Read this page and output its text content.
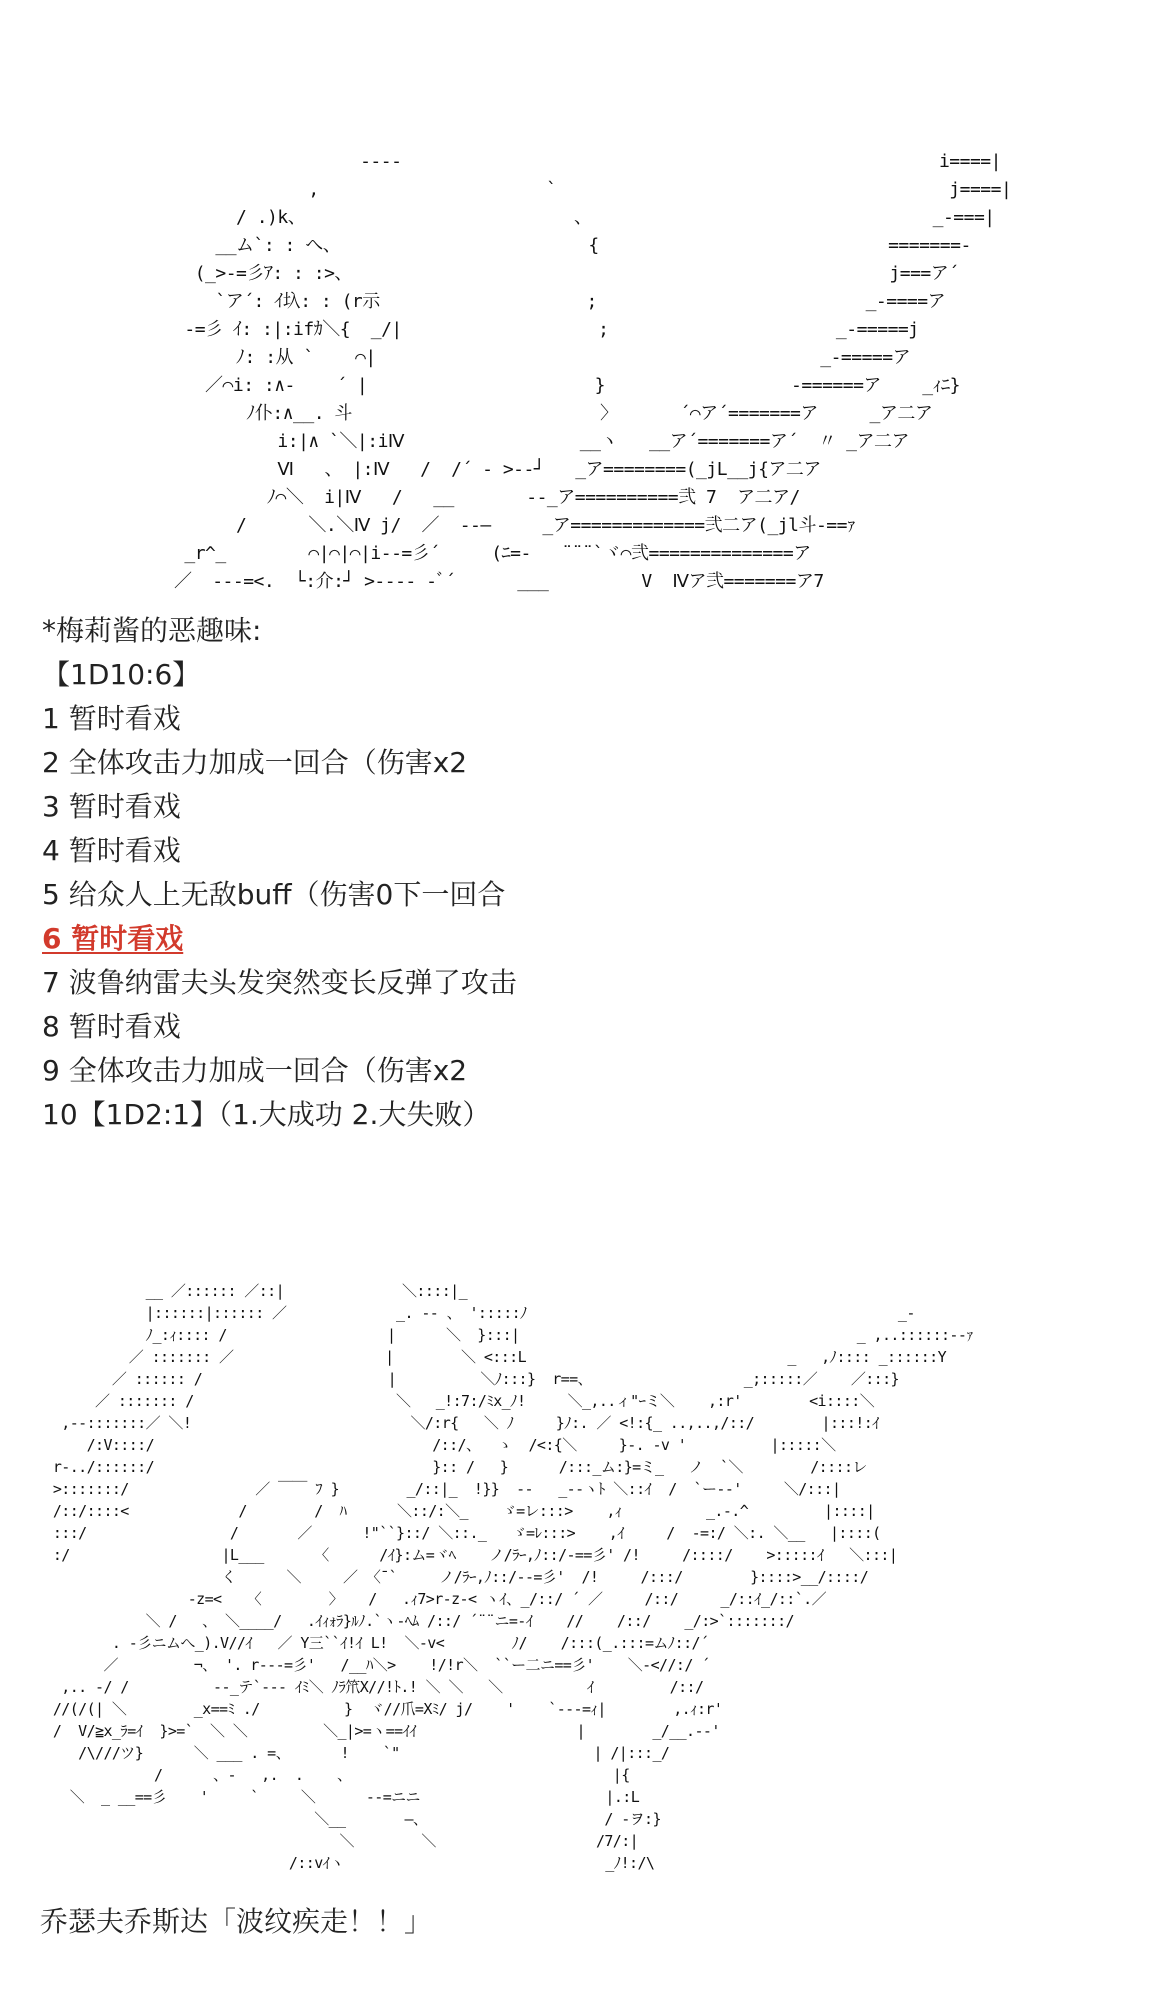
----                                                    i====|
,                      `                                      j====|
/ .)k、                          、                                 _-===|
__ム`: : へ、                        {                            =======-
(_>-=彡ｱ: : :>、                                                    j===ア´
`ア´: ｲ圦: : (r示                    ;                          _-====ア
-=彡 ｲ: :|:ifｶ＼{  _/|                   ;                      _-=====j
ﾉ: :从 `    ⌒|                                           _-=====ア
／⌒i: :∧-    ´ |                      }                  -======ア    _ｨﾆ}
ﾉ仆:∧__. 斗                        〉      ´⌒ア´=======ア     _ア二ア
i:|∧ `＼|:iⅣ                 __ヽ   __ア´=======ア´  〃 _ア二ア
Ⅵ   、 |:Ⅳ   /  /´ - >--┘   _ア========(_jL__j{ア二ア
ﾉ⌒＼  i|Ⅳ   /   __       --_ア==========弐 7  ア二ア/
/      ＼.＼Ⅳ j/  ／  ‐-―     _ア=============弐二ア(_jl斗-==ｧ
_r^_        ⌒|⌒|⌒|i--=彡´     (ﾆ=-   ¨¨¨`ヾ⌒弐==============ア
／  ---=<.  └:介:┘ >---- ‐ﾞ´      ___         V  Ⅳア弐=======ア7
*梅莉酱的恶趣味:
【1D10:6】
1 暂时看戏
2 全体攻击力加成一回合（伤害x2
3 暂时看戏
4 暂时看戏
5 给众人上无敌buff（伤害0下一回合
6 暂时看戏
7 波鲁纳雷夫头发突然变长反弹了攻击
8 暂时看戏
9 全体攻击力加成一回合（伤害x2
10【1D2:1】（1.大成功 2.大失败）
__ ／:::::: ／::|              ＼::::|_
|::::::|:::::: ／             _. -- 、 ':::::ﾉ                                            _-
ﾉ_:ｨ:::: /                   |      ＼  }:::|                                        _ ,..::::::--ｧ
／ ::::::: ／                  |        ＼ <:::L                               _   ,ﾉ:::: _::::::Y
／ :::::: /                      |          ＼ﾉ:::}  r==、                  _;:::::／    ／:::}
／ ::::::: /                        ＼   _!:7:/ﾐx_ﾉ!     ＼_,..ィ"ｰミ＼    ,:r'        <i::::＼
,--:::::::／ ＼!                          ＼/:r{   ＼ ﾉ     }ﾉ:. ／ <!:{_ ..,..,/::/        |:::!:ｲ
/:V::::/                                 /::/、  ゝ  /<:{＼     }-. -v '          |:::::＼
r-../::::::/                                 }:: /   }      /:::_ム:}=ミ_   ノ  `＼        /::::レ
>:::::::/               ／ ￣￣ ﾌ }        _/::|_  !}}  --   _--ヽﾄ ＼::ｲ  /  `ー--'     ＼/:::|
/::/::::<             /        /  ﾊ      ＼::/:＼_    ゞ=レ:::>    ,ｨ          _.-.^         |::::|
:::/                 /       ／      !"``}::/ ＼::._   ゞ=ﾚ:::>    ,ｲ     /  -=:/ ＼:. ＼__   |::::(
:/                  |L___      〈      /ｲ}:ム=ヾﾍ    ノ/ﾗｰ,ﾉ::/-==彡' /!     /::::/    >:::::ｲ   ＼:::|
く      ＼     ／ 〈¯`     ノ/ﾗｰ,ﾉ::/--=彡'  /!     /:::/        }::::>__/::::/
-z=<   〈        〉   /   .ｨ7>r-z-< ヽｲ、_/::/ ´ ／     /::/     _/::ｲ_/::`.／
＼ /   、 ＼____/   .ｲｨｫﾗ}ﾙﾉ.`ヽ-ﾍﾑ /::/ ´¨¨ニ=-ｲ    //    /::/    _/:>`:::::::/
. -彡ニムへ_).V//ｲ   ／ Y三``ｲ!ｲ L!  ＼-v<        ﾉ/    /:::(_.:::=ムﾉ::/´
／         ¬、 '. r---=彡'   /__ﾊ＼>    !/!r＼  ``ー二ニ==彡'    ＼-<//:/ ´
,.. -/ /          --_テ`‐-- ｲﾐ＼ ﾉﾗ笊X//!ﾄ.! ＼ ＼   ＼          ｲ         /::/
//(/(| ＼        _x==ﾐ ./          }  ヾ//爪=Xﾐ/ j/    '    `‐--=ｨ|        ,.ｨ:r'
/  V/≧x_ﾗ=ｲ  }>=`  ＼ ＼         ＼_|>=ヽ==ｲｲ                   |        _/__.--'
/\///ツ}      ＼ ___ . =、      !    `"                       | /|:::_/
/      、-   ,.  .    、                               |{
＼  _ __==彡    '     `     ＼      --=ニニ                      |.:L
＼__       ―、                     / -ヲ:}
＼        ＼                   /7/:|
/::vｲヽ                               _ﾉ!:/\
乔瑟夫乔斯达「波纹疾走！！」
